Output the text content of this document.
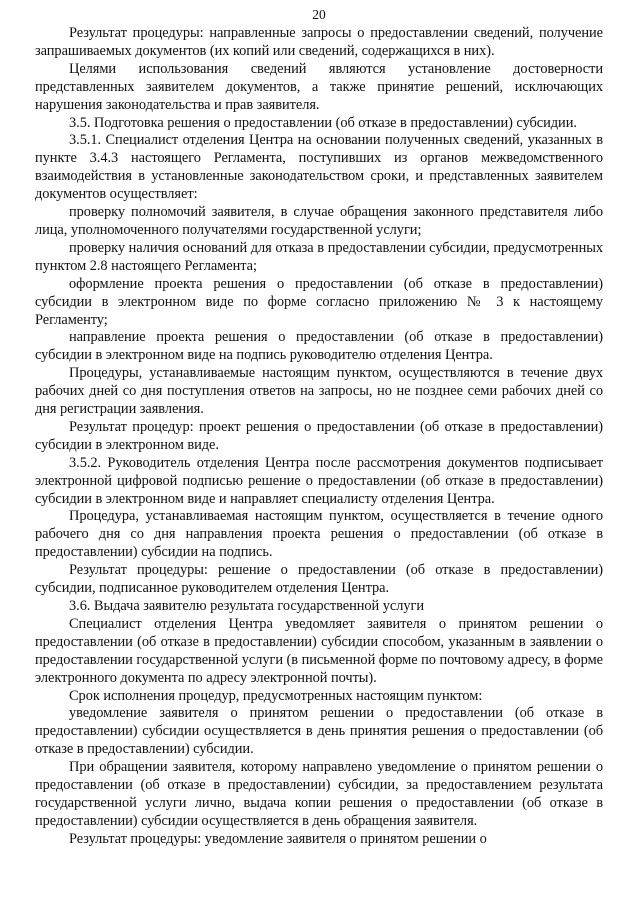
20

Результат процедуры: направленные запросы о предоставлении сведений, получение запрашиваемых документов (их копий или сведений, содержащихся в них).

Целями использования сведений являются установление достоверности представленных заявителем документов, а также принятие решений, исключающих нарушения законодательства и прав заявителя.

3.5. Подготовка решения о предоставлении (об отказе в предоставлении) субсидии.

3.5.1. Специалист отделения Центра на основании полученных сведений, указанных в пункте 3.4.3 настоящего Регламента, поступивших из органов межведомственного взаимодействия в установленные законодательством сроки, и представленных заявителем документов осуществляет:

проверку полномочий заявителя, в случае обращения законного представителя либо лица, уполномоченного получателями государственной услуги;

проверку наличия оснований для отказа в предоставлении субсидии, предусмотренных пунктом 2.8 настоящего Регламента;

оформление проекта решения о предоставлении (об отказе в предоставлении) субсидии в электронном виде по форме согласно приложению № 3 к настоящему Регламенту;

направление проекта решения о предоставлении (об отказе в предоставлении) субсидии в электронном виде на подпись руководителю отделения Центра.

Процедуры, устанавливаемые настоящим пунктом, осуществляются в течение двух рабочих дней со дня поступления ответов на запросы, но не позднее семи рабочих дней со дня регистрации заявления.

Результат процедур: проект решения о предоставлении (об отказе в предоставлении) субсидии в электронном виде.

3.5.2. Руководитель отделения Центра после рассмотрения документов подписывает электронной цифровой подписью решение о предоставлении (об отказе в предоставлении) субсидии в электронном виде и направляет специалисту отделения Центра.

Процедура, устанавливаемая настоящим пунктом, осуществляется в течение одного рабочего дня со дня направления проекта решения о предоставлении (об отказе в предоставлении) субсидии на подпись.

Результат процедуры: решение о предоставлении (об отказе в предоставлении) субсидии, подписанное руководителем отделения Центра.

3.6. Выдача заявителю результата государственной услуги

Специалист отделения Центра уведомляет заявителя о принятом решении о предоставлении (об отказе в предоставлении) субсидии способом, указанным в заявлении о предоставлении государственной услуги (в письменной форме по почтовому адресу, в форме электронного документа по адресу электронной почты).

Срок исполнения процедур, предусмотренных настоящим пунктом:

уведомление заявителя о принятом решении о предоставлении (об отказе в предоставлении) субсидии осуществляется в день принятия решения о предоставлении (об отказе в предоставлении) субсидии.

При обращении заявителя, которому направлено уведомление о принятом решении о предоставлении (об отказе в предоставлении) субсидии, за предоставлением результата государственной услуги лично, выдача копии решения о предоставлении (об отказе в предоставлении) субсидии осуществляется в день обращения заявителя.

Результат процедуры: уведомление заявителя о принятом решении о
